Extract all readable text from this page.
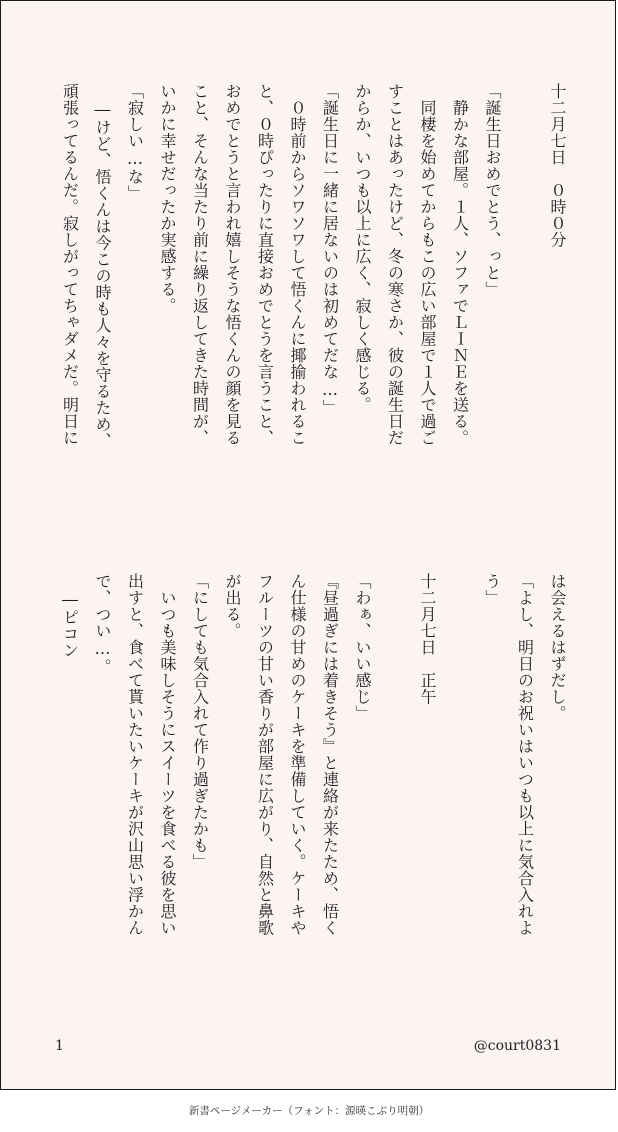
十二月七日　０時０分

「誕生日おめでとう、っと」
　静かな部屋。１人、ソファでＬＩＮＥを送る。
　同棲を始めてからもこの広い部屋で１人で過ご
すことはあったけど、冬の寒さか、彼の誕生日だ
からか、いつも以上に広く、寂しく感じる。
「誕生日に一緒に居ないのは初めてだな…」
　０時前からソワソワして悟くんに揶揄われるこ
と、０時ぴったりに直接おめでとうを言うこと、
おめでとうと言われ嬉しそうな悟くんの顔を見る
こと、そんな当たり前に繰り返してきた時間が、
いかに幸せだったか実感する。
「寂しい…な」
　―けど、悟くんは今この時も人々を守るため、
頑張ってるんだ。寂しがってちゃダメだ。明日に
は会えるはずだし。
「よし、明日のお祝いはいつも以上に気合入れよ
う」

十二月七日　正午

「わぁ、いい感じ」
『昼過ぎには着きそう』と連絡が来たため、悟く
ん仕様の甘めのケーキを準備していく。ケーキや
フルーツの甘い香りが部屋に広がり、自然と鼻歌
が出る。
「にしても気合入れて作り過ぎたかも」
　いつも美味しそうにスイーツを食べる彼を思い
出すと、食べて貰いたいケーキが沢山思い浮かん
で、つい…。
　―ピコン
1	@court0831
新書ページメーカー（フォント：源暎こぶり明朝）
